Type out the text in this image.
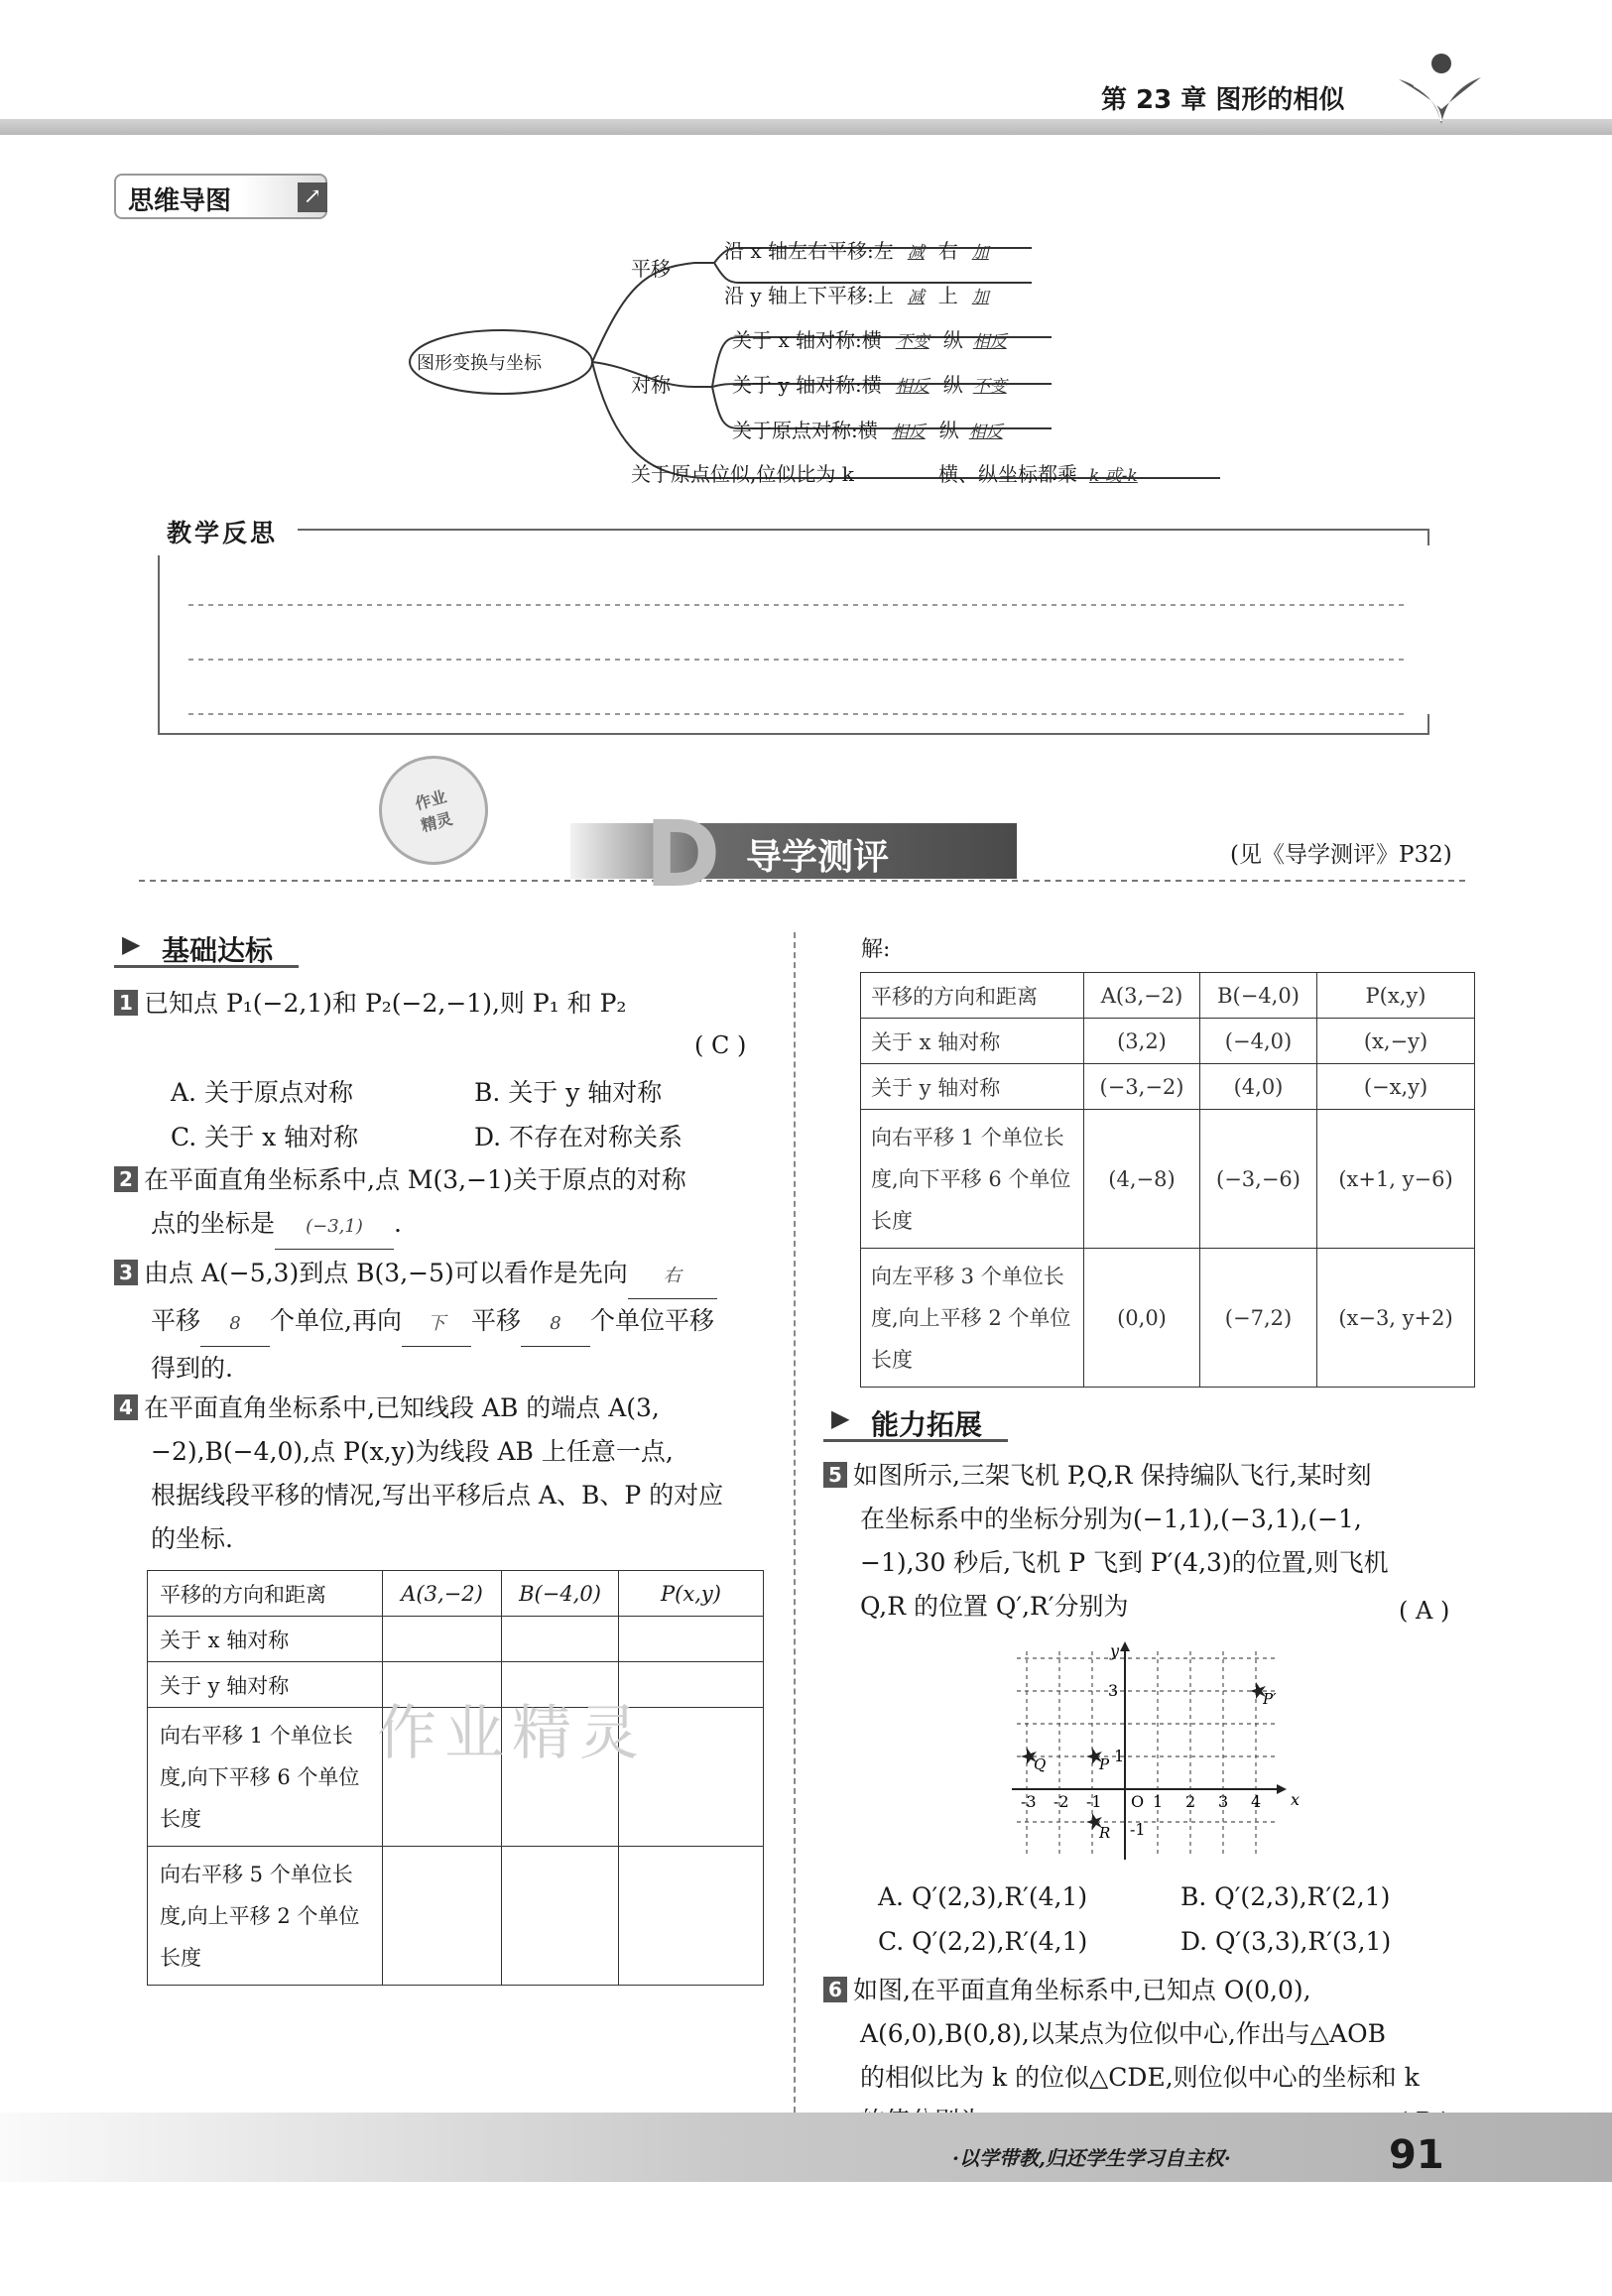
第 23 章 图形的相似
思维导图	↗
图形变换与坐标
平移
对称
关于原点位似,位似比为 k
沿 x 轴左右平移:左 减 右 加
沿 y 轴上下平移:上 减 上 加
关于 x 轴对称:横 不变 纵 相反
关于 y 轴对称:横 相反 纵 不变
关于原点对称:横 相反 纵 相反
横、纵坐标都乘 k 或-k
教学反思
作业
精灵 D 导学测评	(见《导学测评》P32)
▶ 基础达标
1 已知点 P₁(−2,1)和 P₂(−2,−1),则 P₁ 和 P₂
( C )
A. 关于原点对称	B. 关于 y 轴对称
C. 关于 x 轴对称	D. 不存在对称关系
2 在平面直角坐标系中,点 M(3,−1)关于原点的对称
点的坐标是 (−3,1) .
3 由点 A(−5,3)到点 B(3,−5)可以看作是先向 右
平移 8 个单位,再向 下 平移 8 个单位平移
得到的.
4 在平面直角坐标系中,已知线段 AB 的端点 A(3,
−2),B(−4,0),点 P(x,y)为线段 AB 上任意一点,
根据线段平移的情况,写出平移后点 A、B、P 的对应
的坐标.
平移的方向和距离	A(3,−2)	B(−4,0)	P(x,y)
关于 x 轴对称			
关于 y 轴对称			
向右平移 1 个单位长度,向下平移 6 个单位长度			
向右平移 5 个单位长度,向上平移 2 个单位长度			
解:
平移的方向和距离	A(3,−2)	B(−4,0)	P(x,y)
关于 x 轴对称	(3,2)	(−4,0)	(x,−y)
关于 y 轴对称	(−3,−2)	(4,0)	(−x,y)
向右平移 1 个单位长度,向下平移 6 个单位长度	(4,−8)	(−3,−6)	(x+1, y−6)
向左平移 3 个单位长度,向上平移 2 个单位长度	(0,0)	(−7,2)	(x−3, y+2)
▶ 能力拓展
5 如图所示,三架飞机 P,Q,R 保持编队飞行,某时刻
在坐标系中的坐标分别为(−1,1),(−3,1),(−1,
−1),30 秒后,飞机 P 飞到 P′(4,3)的位置,则飞机
Q,R 的位置 Q′,R′分别为	( A )
x
y
O
-3 -2 -1	1 2 3 4
3
1
-1
P
Q
R
P′
A. Q′(2,3),R′(4,1)	B. Q′(2,3),R′(2,1)
C. Q′(2,2),R′(4,1)	D. Q′(3,3),R′(3,1)
6 如图,在平面直角坐标系中,已知点 O(0,0),
A(6,0),B(0,8),以某点为位似中心,作出与△AOB
的相似比为 k 的位似△CDE,则位似中心的坐标和 k
作业精灵
·以学带教,归还学生学习自主权·	91
